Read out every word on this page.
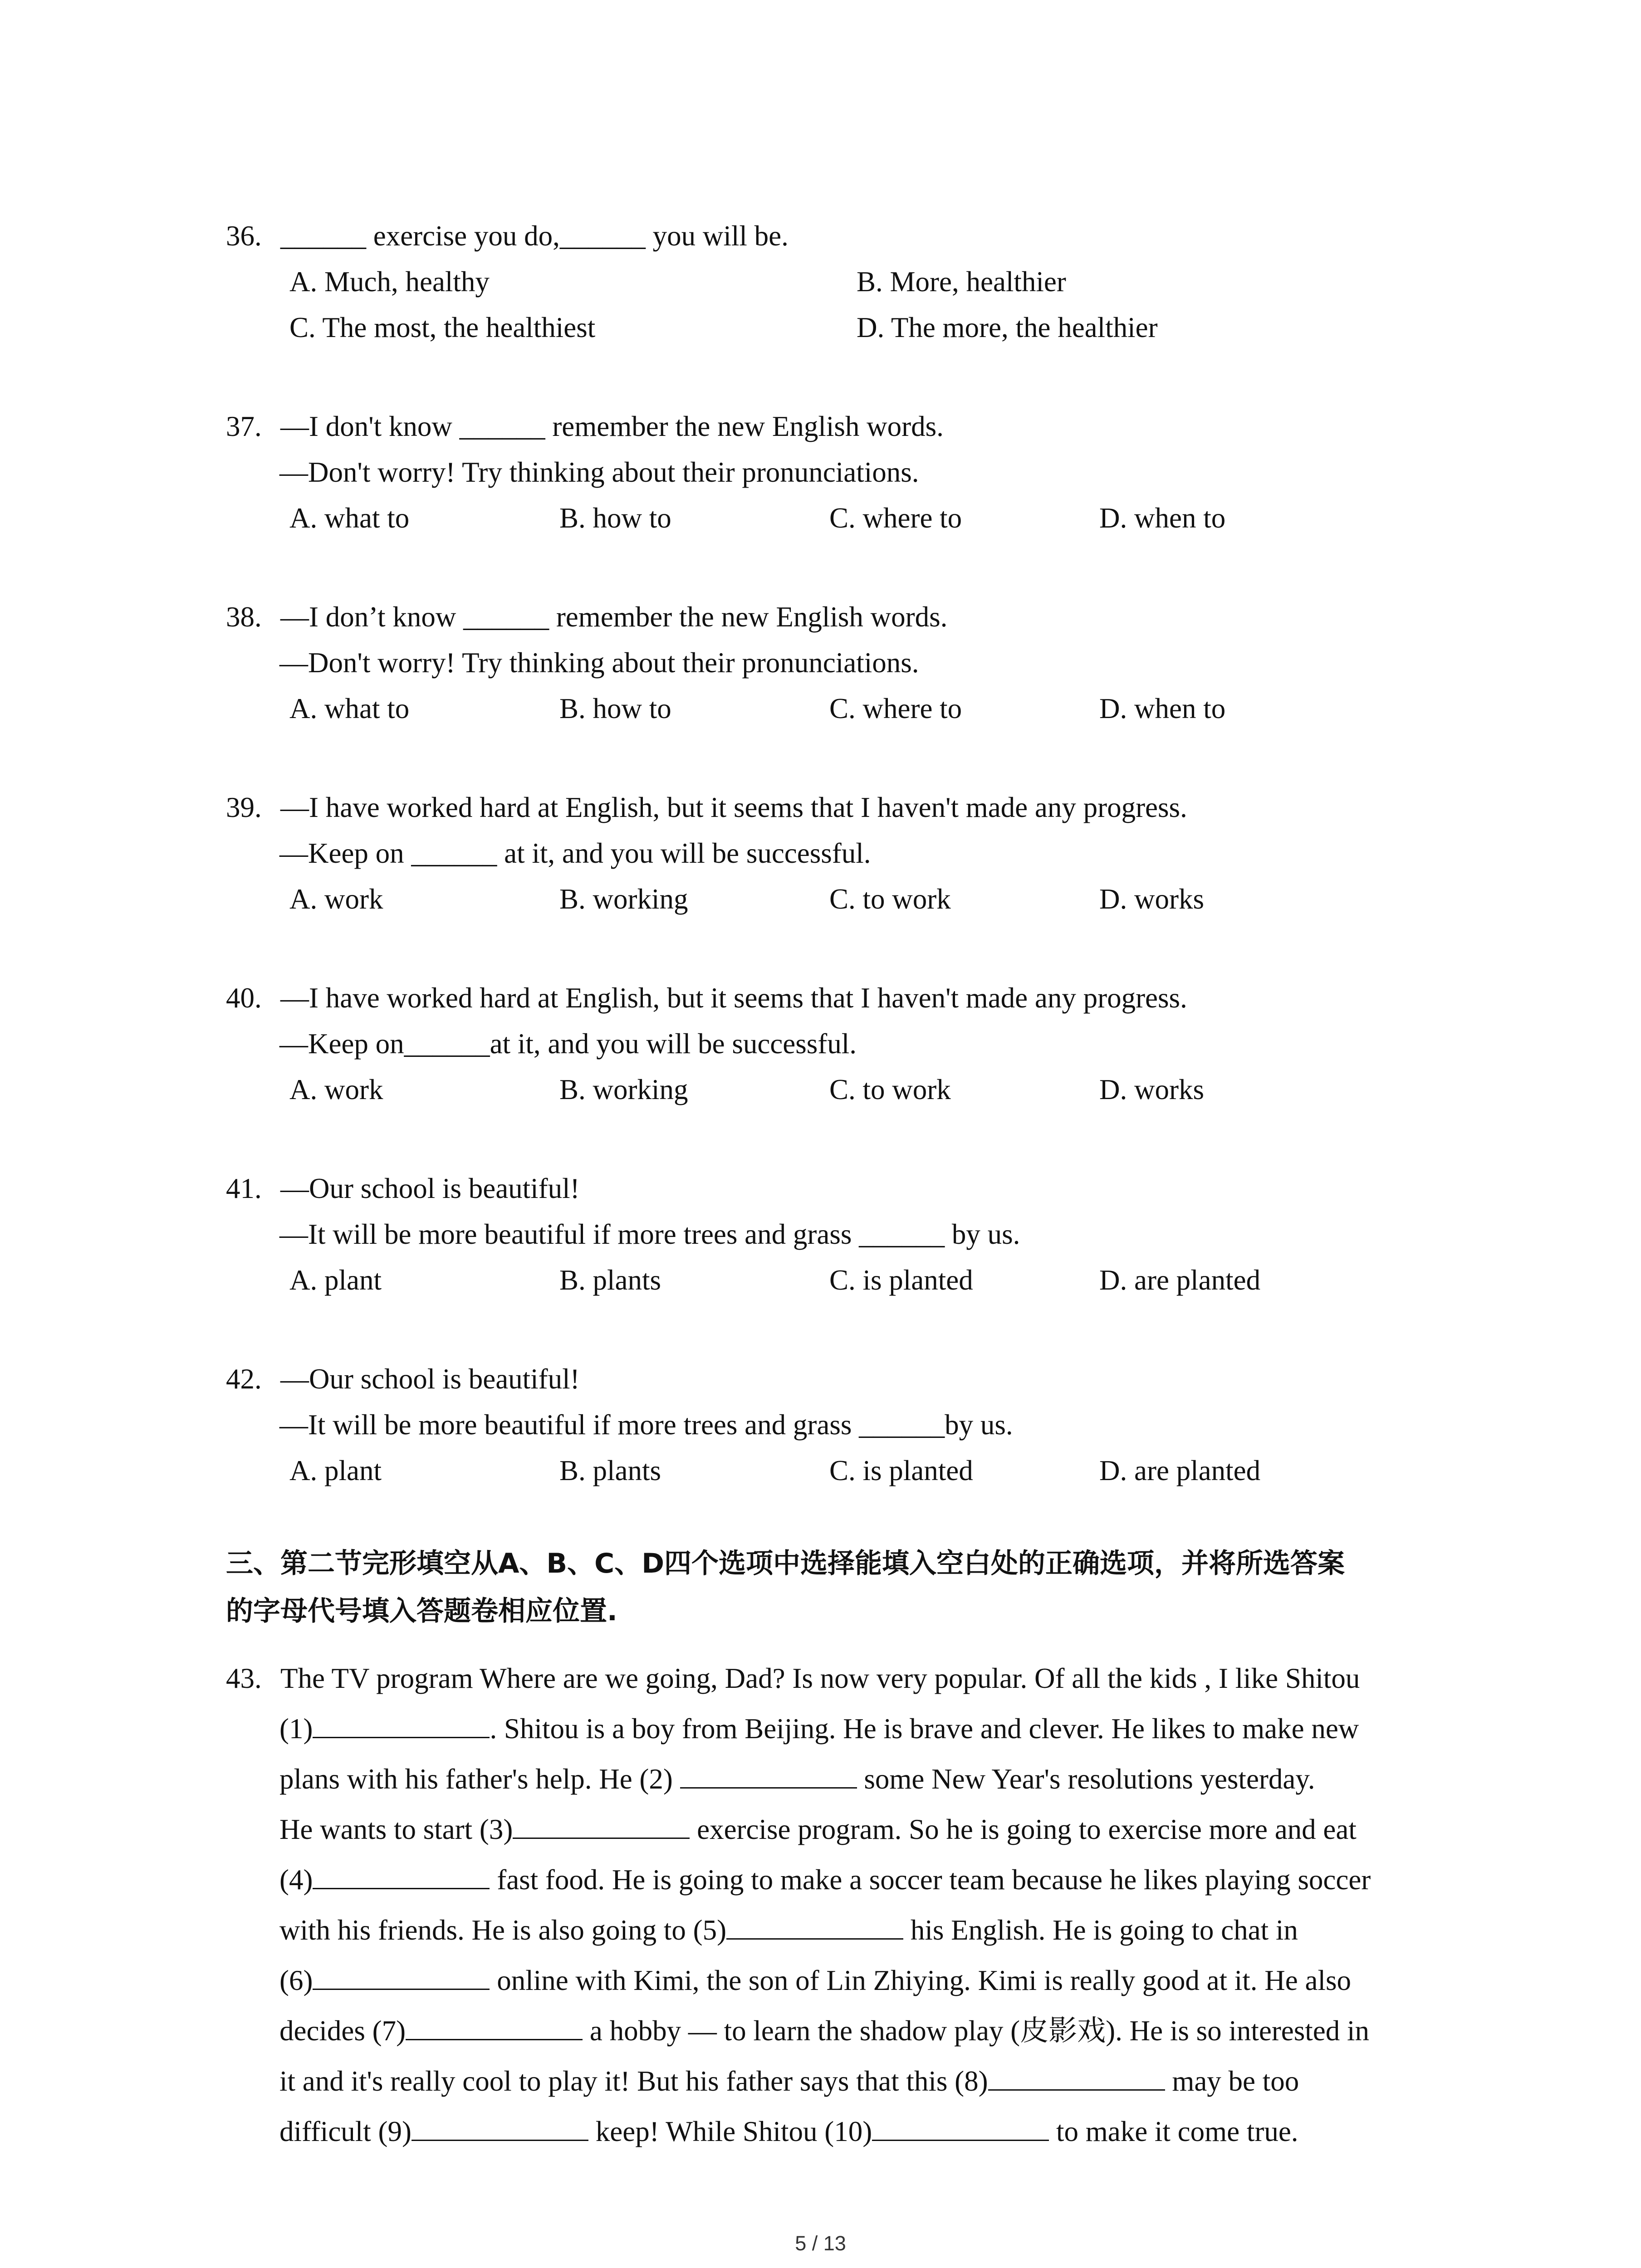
36. ______ exercise you do,______ you will be.
A. Much, healthy	B. More, healthier
C. The most, the healthiest	D. The more, the healthier
37. —I don't know ______ remember the new English words.
—Don't worry! Try thinking about their pronunciations.
A. what to	B. how to	C. where to	D. when to
38. —I don’t know ______ remember the new English words.
—Don't worry! Try thinking about their pronunciations.
A. what to	B. how to	C. where to	D. when to
39. —I have worked hard at English, but it seems that I haven't made any progress.
—Keep on ______ at it, and you will be successful.
A. work	B. working	C. to work	D. works
40. —I have worked hard at English, but it seems that I haven't made any progress.
—Keep on______at it, and you will be successful.
A. work	B. working	C. to work	D. works
41. —Our school is beautiful!
—It will be more beautiful if more trees and grass ______ by us.
A. plant	B. plants	C. is planted	D. are planted
42. —Our school is beautiful!
—It will be more beautiful if more trees and grass ______by us.
A. plant	B. plants	C. is planted	D. are planted
三、第二节完形填空从A、B、C、D四个选项中选择能填入空白处的正确选项，并将所选答案
的字母代号填入答题卷相应位置.
43. The TV program Where are we going, Dad? Is now very popular. Of all the kids , I like Shitou
(1)	. Shitou is a boy from Beijing. He is brave and clever. He likes to make new
plans with his father's help. He (2)	some New Year's resolutions yesterday.
He wants to start (3)	exercise program. So he is going to exercise more and eat
(4)	fast food. He is going to make a soccer team because he likes playing soccer
with his friends. He is also going to (5)	his English. He is going to chat in
(6)	online with Kimi, the son of Lin Zhiying. Kimi is really good at it. He also
decides (7)	a hobby — to learn the shadow play (皮影戏). He is so interested in
it and it's really cool to play it! But his father says that this (8)	may be too
difficult (9)	keep! While Shitou (10)	to make it come true.
5 / 13
